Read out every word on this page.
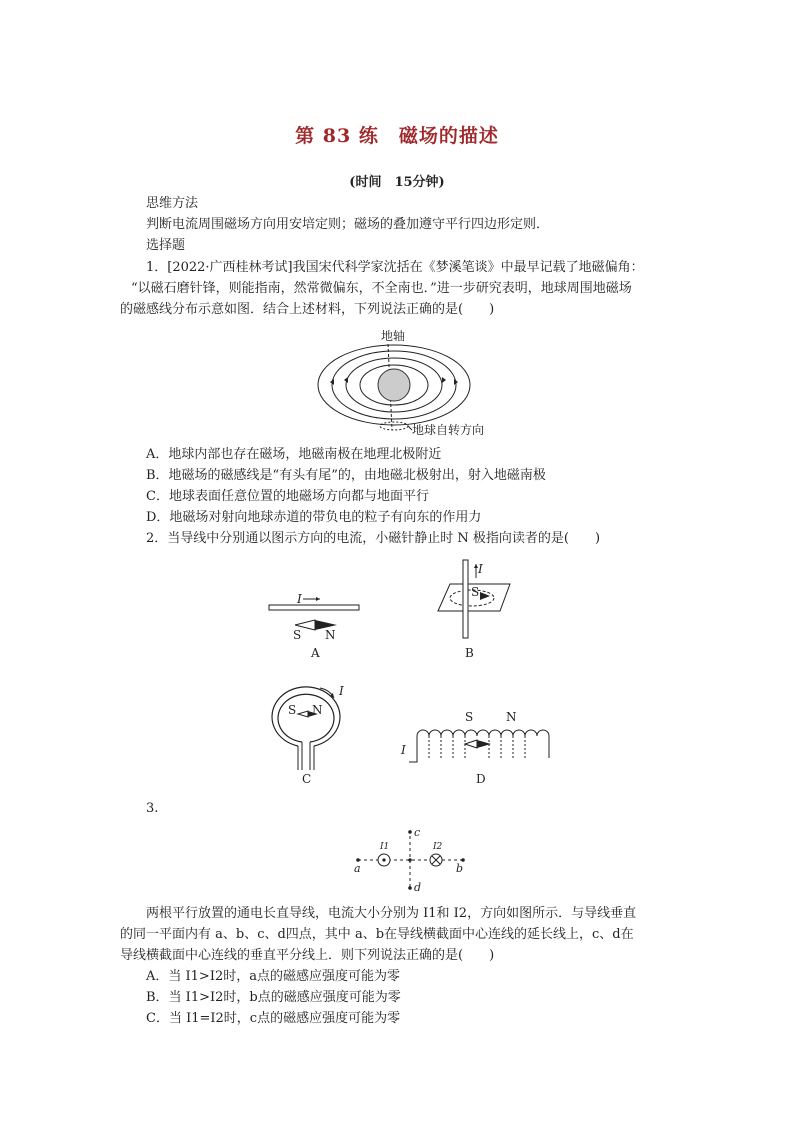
第 83 练　磁场的描述
(时间　15分钟)
思维方法
判断电流周围磁场方向用安培定则；磁场的叠加遵守平行四边形定则．
选择题
1．[2022·广西桂林考试]我国宋代科学家沈括在《梦溪笔谈》中最早记载了地磁偏角：
“以磁石磨针锋，则能指南，然常微偏东，不全南也．”进一步研究表明，地球周围地磁场
的磁感线分布示意如图．结合上述材料，下列说法正确的是(　　)
地轴
地球自转方向
A．地球内部也存在磁场，地磁南极在地理北极附近
B．地磁场的磁感线是“有头有尾”的，由地磁北极射出，射入地磁南极
C．地球表面任意位置的地磁场方向都与地面平行
D．地磁场对射向地球赤道的带负电的粒子有向东的作用力
2．当导线中分别通以图示方向的电流，小磁针静止时 N 极指向读者的是(　　)
I
S N
A
I
S
B
S N
I
C
S	N
I
D
3.
a	b
c
d
I1	I2
两根平行放置的通电长直导线，电流大小分别为 I1和 I2，方向如图所示．与导线垂直
的同一平面内有 a、b、c、d四点，其中 a、b在导线横截面中心连线的延长线上，c、d在
导线横截面中心连线的垂直平分线上．则下列说法正确的是(　　)
A．当 I1>I2时，a点的磁感应强度可能为零
B．当 I1>I2时，b点的磁感应强度可能为零
C．当 I1=I2时，c点的磁感应强度可能为零
